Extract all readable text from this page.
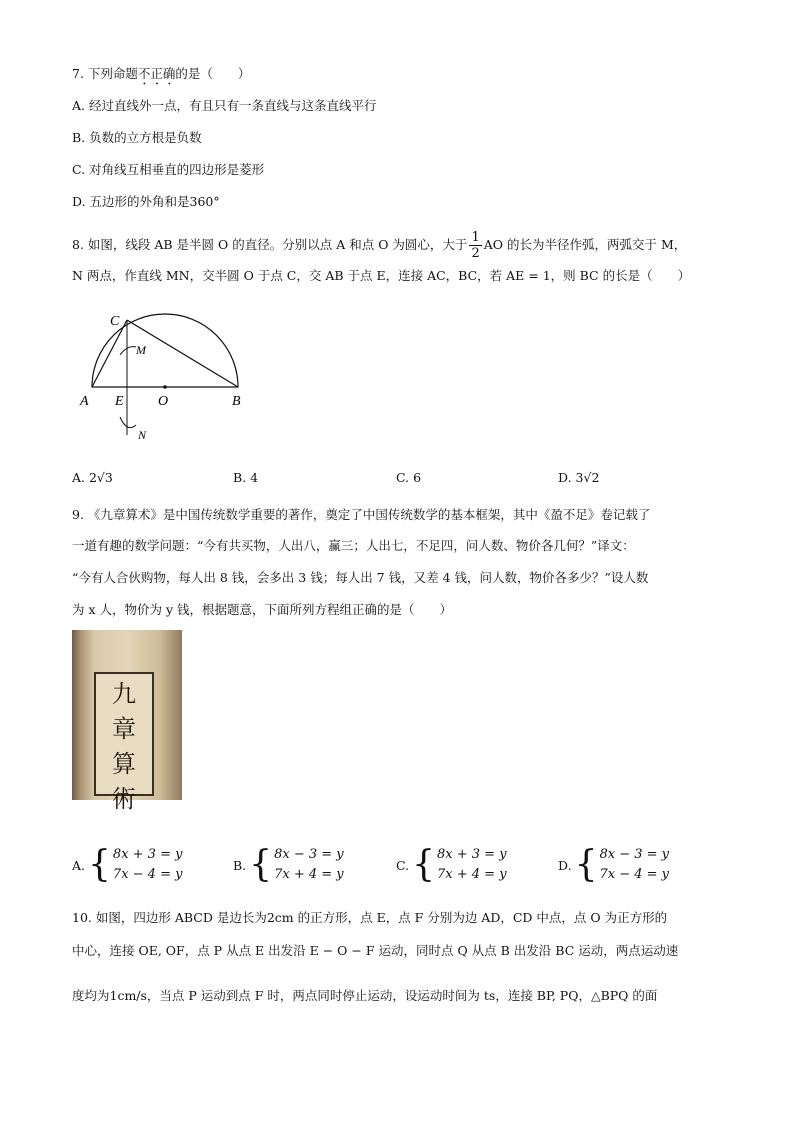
7. 下列命题不正确的是（　　）
A. 经过直线外一点，有且只有一条直线与这条直线平行
B. 负数的立方根是负数
C. 对角线互相垂直的四边形是菱形
D. 五边形的外角和是360°
8. 如图，线段 AB 是半圆 O 的直径。分别以点 A 和点 O 为圆心，大于 $\frac{1}{2}$ AO 的长为半径作弧，两弧交于 M，
N 两点，作直线 MN，交半圆 O 于点 C，交 AB 于点 E，连接 AC，BC，若 AE = 1，则 BC 的长是（　　）
C
M
A E O	B
N
A. 2√3	B. 4	C. 6	D. 3√2
9. 《九章算术》是中国传统数学重要的著作，奠定了中国传统数学的基本框架，其中《盈不足》卷记载了
一道有趣的数学问题：“今有共买物，人出八，赢三；人出七，不足四，问人数、物价各几何？”译文：
“今有人合伙购物，每人出 8 钱，会多出 3 钱；每人出 7 钱，又差 4 钱，问人数，物价各多少？”设人数
为 x 人，物价为 y 钱，根据题意，下面所列方程组正确的是（　　）
九
章
算
術
A. { 8x + 3 = y
7x − 4 = y
B. { 8x − 3 = y
7x + 4 = y
C. { 8x + 3 = y
7x + 4 = y
D. { 8x − 3 = y
7x − 4 = y
10. 如图，四边形 ABCD 是边长为2cm 的正方形，点 E，点 F 分别为边 AD，CD 中点，点 O 为正方形的
中心，连接 OE, OF，点 P 从点 E 出发沿 E − O − F 运动，同时点 Q 从点 B 出发沿 BC 运动，两点运动速
度均为1cm/s，当点 P 运动到点 F 时，两点同时停止运动，设运动时间为 ts，连接 BP, PQ，△BPQ 的面
